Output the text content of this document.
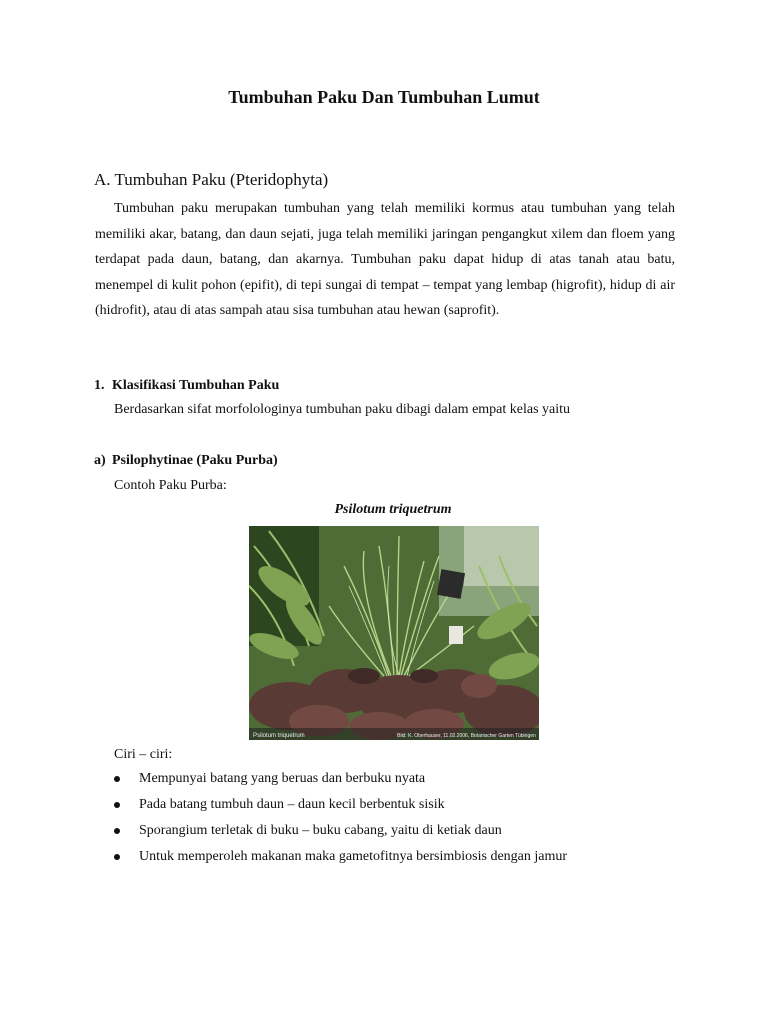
Tumbuhan Paku Dan Tumbuhan Lumut
A. Tumbuhan Paku (Pteridophyta)

Tumbuhan paku merupakan tumbuhan yang telah memiliki kormus atau tumbuhan yang telah memiliki akar, batang, dan daun sejati, juga telah memiliki jaringan pengangkut xilem dan floem yang terdapat pada daun, batang, dan akarnya. Tumbuhan paku dapat hidup di atas tanah atau batu, menempel di kulit pohon (epifit), di tepi sungai di tempat – tempat yang lembap (higrofit), hidup di air (hidrofit), atau di atas sampah atau sisa tumbuhan atau hewan (saprofit).

1. Klasifikasi Tumbuhan Paku

Berdasarkan sifat morfolologinya tumbuhan paku dibagi dalam empat kelas yaitu

a) Psilophytinae (Paku Purba)

Contoh Paku Purba:

Psilotum triquetrum

Psilotum triquetrum	Bild: K. Oberhauser, 11.02.2006, Botanischer Garten Tübingen

Ciri – ciri:

Mempunyai batang yang beruas dan berbuku nyata
Pada batang tumbuh daun – daun kecil berbentuk sisik
Sporangium terletak di buku – buku cabang, yaitu di ketiak daun
Untuk memperoleh makanan maka gametofitnya bersimbiosis dengan jamur
